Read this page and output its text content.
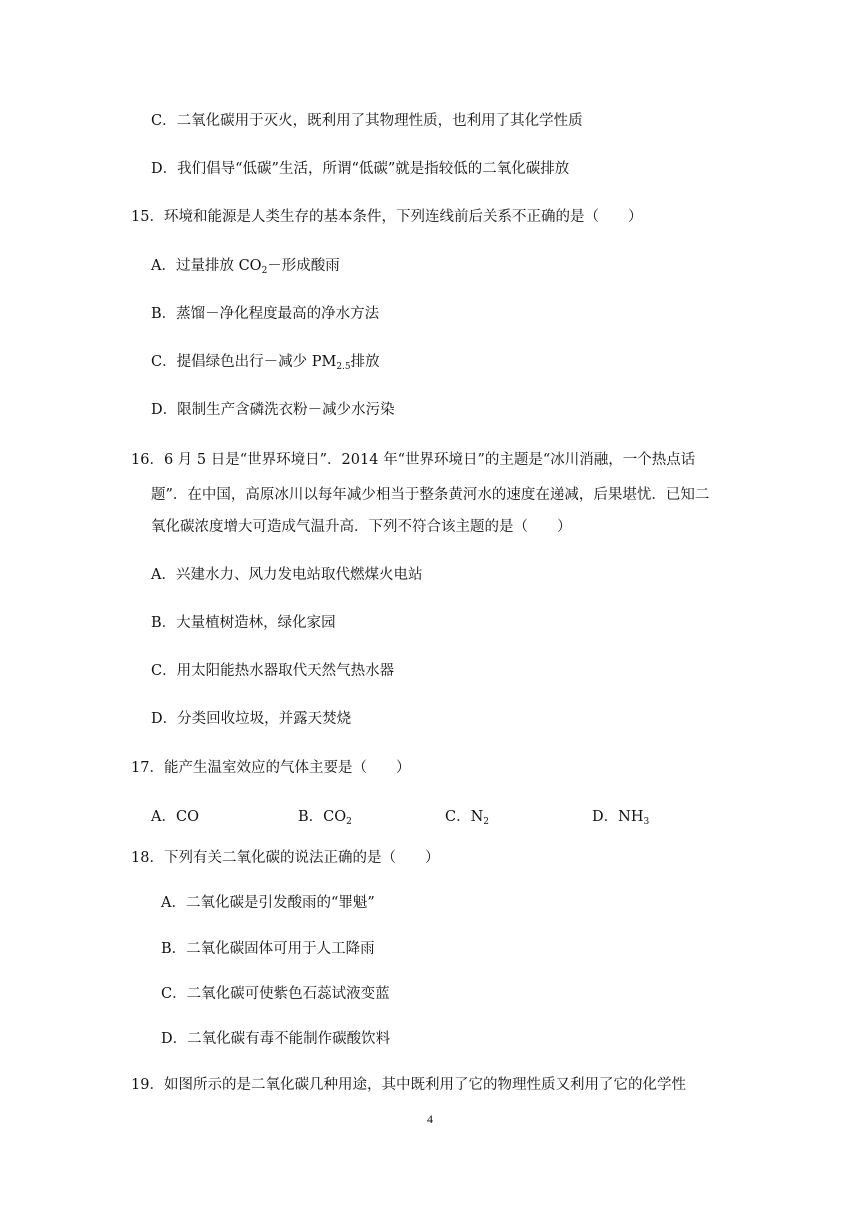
C．二氧化碳用于灭火，既利用了其物理性质，也利用了其化学性质
D．我们倡导“低碳”生活，所谓“低碳”就是指较低的二氧化碳排放
15．环境和能源是人类生存的基本条件，下列连线前后关系不正确的是（　　）
A．过量排放 $CO_2-$形成酸雨
B．蒸馏－净化程度最高的净水方法
C．提倡绿色出行－减少 $PM_{2.5}$排放
D．限制生产含磷洗衣粉－减少水污染
16．6 月 5 日是“世界环境日”．2014 年“世界环境日”的主题是“冰川消融，一个热点话
题”．在中国，高原冰川以每年减少相当于整条黄河水的速度在递减，后果堪忧．已知二
氧化碳浓度增大可造成气温升高．下列不符合该主题的是（　　）
A．兴建水力、风力发电站取代燃煤火电站
B．大量植树造林，绿化家园
C．用太阳能热水器取代天然气热水器
D．分类回收垃圾，并露天焚烧
17．能产生温室效应的气体主要是（　　）
A．CO	B．$CO_2$	C．$N_2$	D．$NH_3$
18．下列有关二氧化碳的说法正确的是（　　）
A．二氧化碳是引发酸雨的“罪魁”
B．二氧化碳固体可用于人工降雨
C．二氧化碳可使紫色石蕊试液变蓝
D．二氧化碳有毒不能制作碳酸饮料
19．如图所示的是二氧化碳几种用途，其中既利用了它的物理性质又利用了它的化学性
4
